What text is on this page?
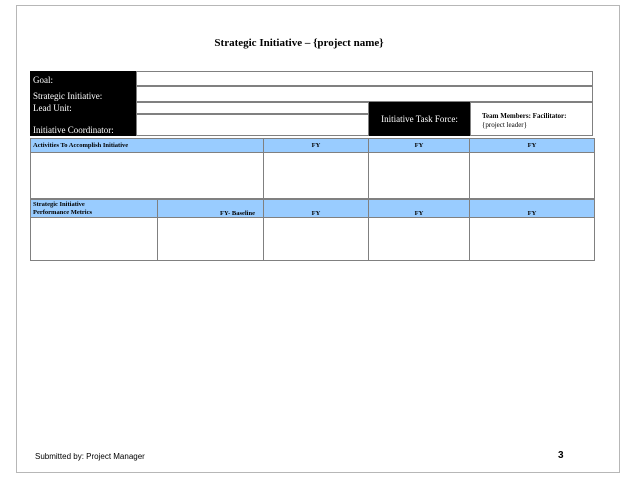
Strategic Initiative – {project name}
Goal:
Strategic Initiative:
Lead Unit:
Initiative Coordinator:
Initiative Task Force:	Team Members: Facilitator:
{project leader}
Activities To Accomplish Initiative	FY	FY	FY

Strategic Initiative
Performance Metrics	FY- Baseline	FY	FY	FY

Submitted by: Project Manager	3
